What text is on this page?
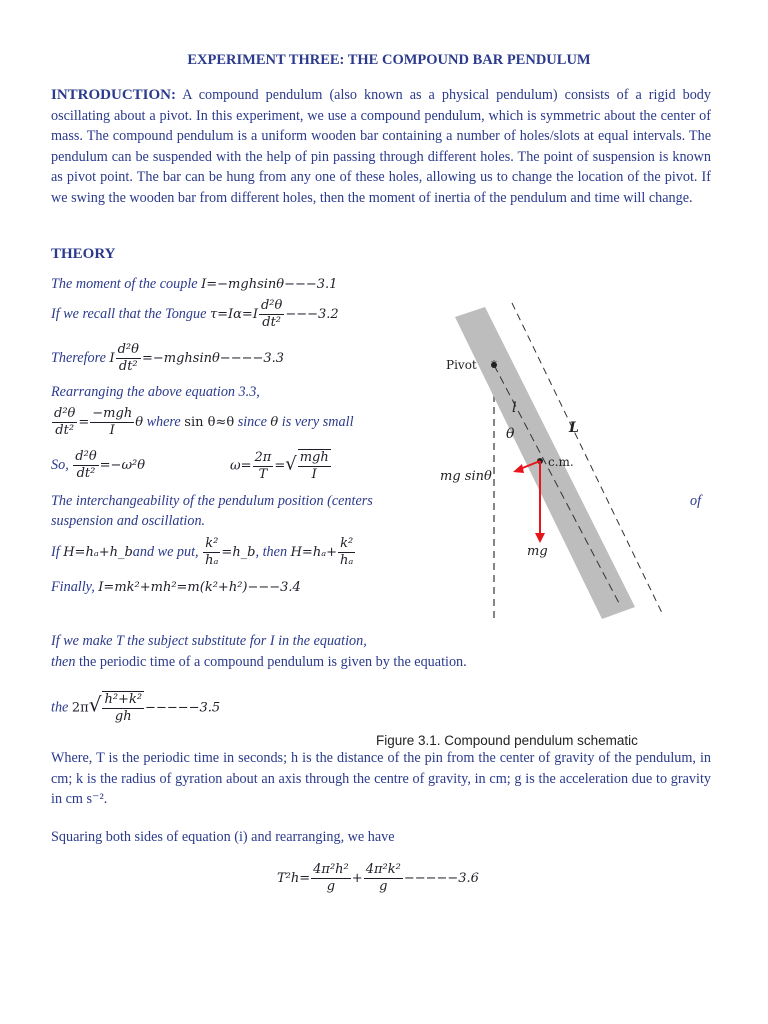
EXPERIMENT THREE: THE COMPOUND BAR PENDULUM
INTRODUCTION: A compound pendulum (also known as a physical pendulum) consists of a rigid body oscillating about a pivot. In this experiment, we use a compound pendulum, which is symmetric about the center of mass. The compound pendulum is a uniform wooden bar containing a number of holes/slots at equal intervals. The pendulum can be suspended with the help of pin passing through different holes. The point of suspension is known as pivot point. The bar can be hung from any one of these holes, allowing us to change the location of the pivot. If we swing the wooden bar from different holes, then the moment of inertia of the pendulum and time will change.
THEORY
The moment of the couple I=−mghsinθ−−−3.1
If we recall that the Tongue $\tau=I\alpha=I \frac{\text{d²θ}}{\text{dt²}} ---3.2$
Therefore I $\frac{\text{d²θ}}{\text{dt²}} =-mghsin\theta----3.3$
Rearranging the above equation 3.3,
$\frac{\text{d²θ}}{\text{dt²}} = \frac{\text{−mgh}}{I}$ θ where sin θ≈θ since θ is very small
So, $\frac{\text{d²θ}}{\text{dt²}} =-\omega^2\theta$	$\omega= \frac{2\pi}{T}$ =√ $\frac{\text{mgh}}{I}$
The interchangeability of the pendulum position (centers	of
suspension and oscillation.
If H=hₐ+h_band we put, $\frac{\text{k²}}{\text{hₐ}}$ =h_b, then $H=h_a+ \frac{\text{k²}}{\text{hₐ}}$
Finally, I=mk²+mh²=m(k²+h²)−−−3.4
If we make T the subject substitute for I in the equation,
then the periodic time of a compound pendulum is given by the equation.
the $2\pi√ \frac{\text{h²+k²}}{gh} -----3.5$
*
Pivot
l
θ	L
c.m.
mg sinθ
mg
Figure 3.1. Compound pendulum schematic
Where, T is the periodic time in seconds; h is the distance of the pin from the center of gravity of the pendulum, in cm; k is the radius of gyration about an axis through the centre of gravity, in cm; g is the acceleration due to gravity in cm s⁻².
Squaring both sides of equation (i) and rearranging, we have
$T^2h= \frac{\text{4π²h²}}{g} + \frac{\text{4π²k²}}{g} -----3.6$
